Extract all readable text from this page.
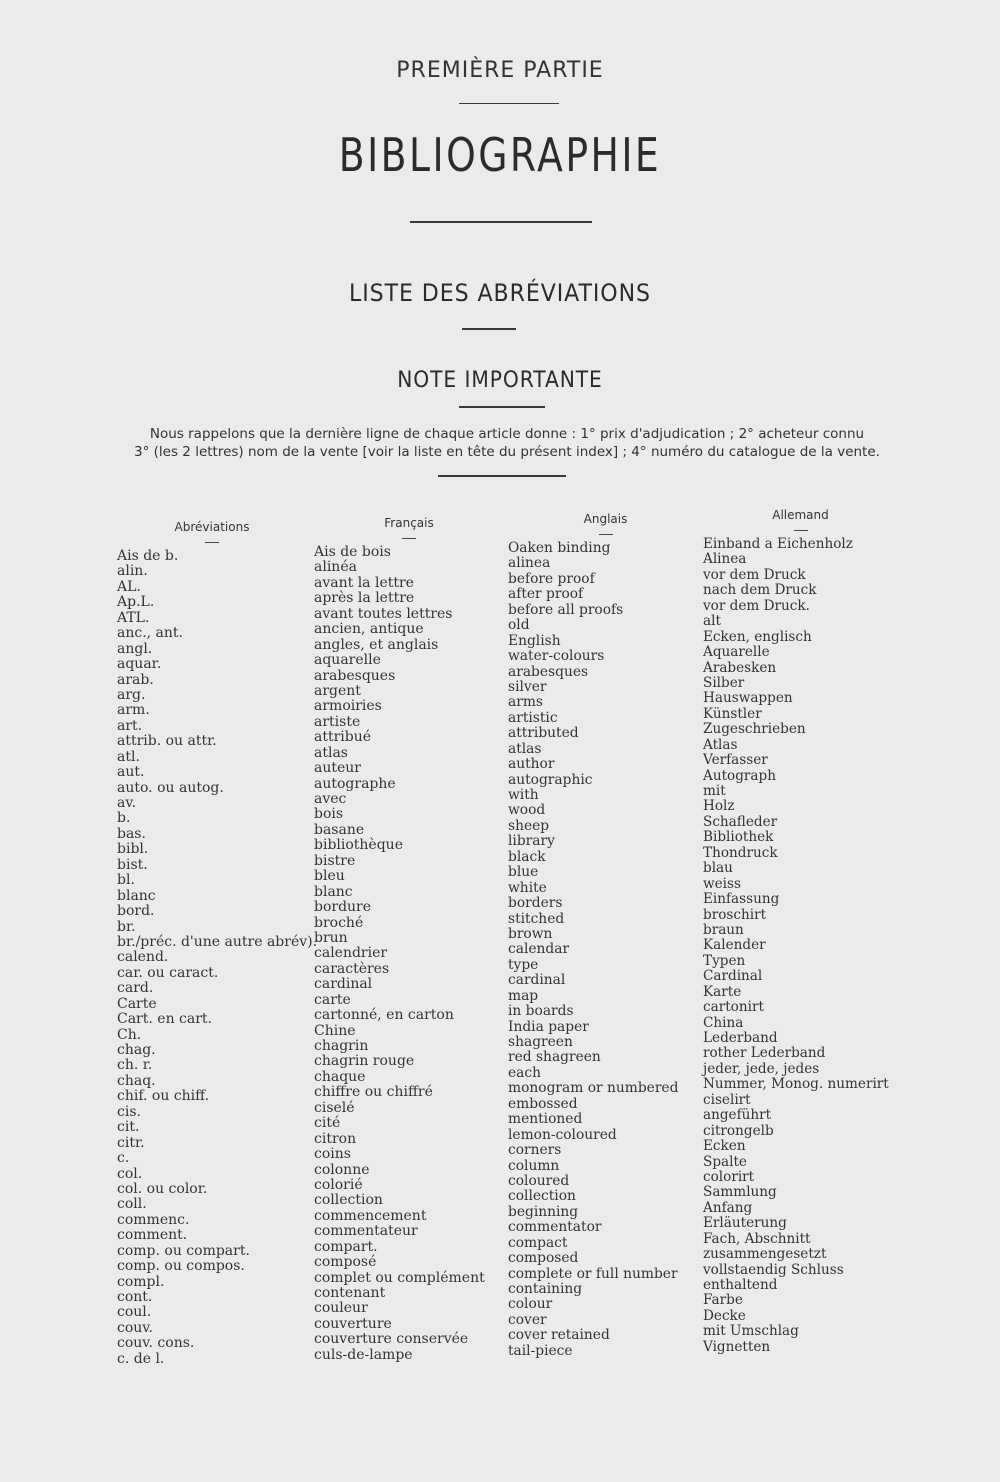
PREMIÈRE PARTIE
BIBLIOGRAPHIE
LISTE DES ABRÉVIATIONS
NOTE IMPORTANTE
Nous rappelons que la dernière ligne de chaque article donne : 1° prix d'adjudication ; 2° acheteur connu
3° (les 2 lettres) nom de la vente [voir la liste en tête du présent index] ; 4° numéro du catalogue de la vente.
Abréviations
Ais de b.
alin.
AL.
Ap.L.
ATL.
anc., ant.
angl.
aquar.
arab.
arg.
arm.
art.
attrib. ou attr.
atl.
aut.
auto. ou autog.
av.
b.
bas.
bibl.
bist.
bl.
blanc
bord.
br.
br./préc. d'une autre abrév).
calend.
car. ou caract.
card.
Carte
Cart. en cart.
Ch.
chag.
ch. r.
chaq.
chif. ou chiff.
cis.
cit.
citr.
c.
col.
col. ou color.
coll.
commenc.
comment.
comp. ou compart.
comp. ou compos.
compl.
cont.
coul.
couv.
couv. cons.
c. de l.
Français
Ais de bois
alinéa
avant la lettre
après la lettre
avant toutes lettres
ancien, antique
angles, et anglais
aquarelle
arabesques
argent
armoiries
artiste
attribué
atlas
auteur
autographe
avec
bois
basane
bibliothèque
bistre
bleu
blanc
bordure
broché
brun
calendrier
caractères
cardinal
carte
cartonné, en carton
Chine
chagrin
chagrin rouge
chaque
chiffre ou chiffré
ciselé
cité
citron
coins
colonne
colorié
collection
commencement
commentateur
compart.
composé
complet ou complément
contenant
couleur
couverture
couverture conservée
culs-de-lampe
Anglais
Oaken binding
alinea
before proof
after proof
before all proofs
old
English
water-colours
arabesques
silver
arms
artistic
attributed
atlas
author
autographic
with
wood
sheep
library
black
blue
white
borders
stitched
brown
calendar
type
cardinal
map
in boards
India paper
shagreen
red shagreen
each
monogram or numbered
embossed
mentioned
lemon-coloured
corners
column
coloured
collection
beginning
commentator
compact
composed
complete or full number
containing
colour
cover
cover retained
tail-piece
Allemand
Einband a Eichenholz
Alinea
vor dem Druck
nach dem Druck
vor dem Druck.
alt
Ecken, englisch
Aquarelle
Arabesken
Silber
Hauswappen
Künstler
Zugeschrieben
Atlas
Verfasser
Autograph
mit
Holz
Schafleder
Bibliothek
Thondruck
blau
weiss
Einfassung
broschirt
braun
Kalender
Typen
Cardinal
Karte
cartonirt
China
Lederband
rother Lederband
jeder, jede, jedes
Nummer, Monog. numerirt
ciselirt
angeführt
citrongelb
Ecken
Spalte
colorirt
Sammlung
Anfang
Erläuterung
Fach, Abschnitt
zusammengesetzt
vollstaendig Schluss
enthaltend
Farbe
Decke
mit Umschlag
Vignetten
